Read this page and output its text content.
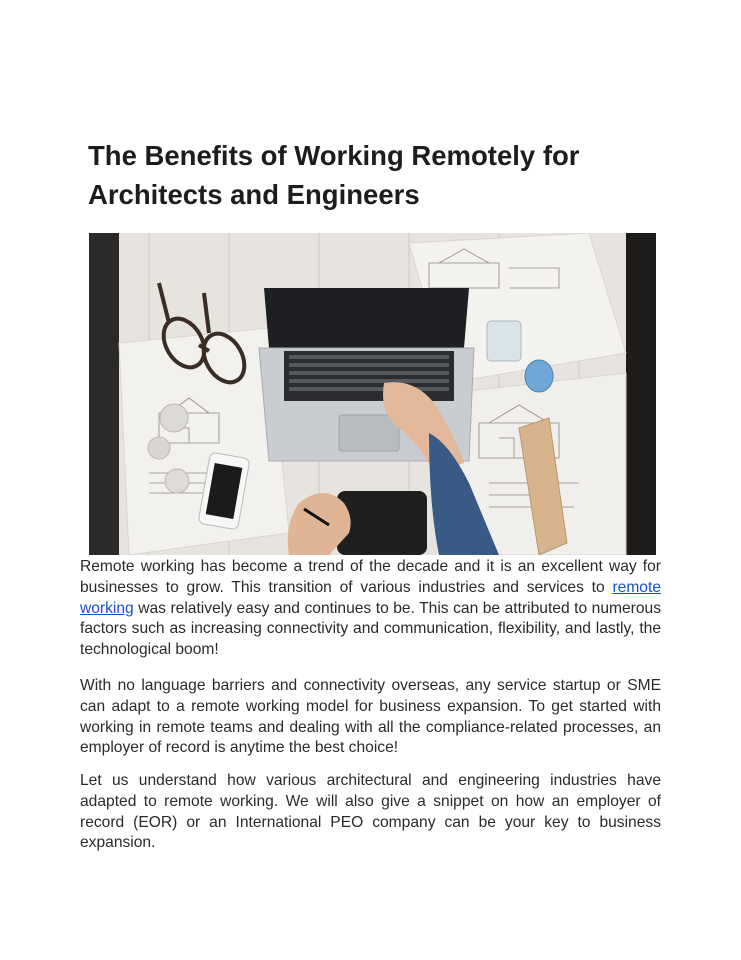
The Benefits of Working Remotely for Architects and Engineers

Remote working has become a trend of the decade and it is an excellent way for businesses to grow. This transition of various industries and services to remote working was relatively easy and continues to be. This can be attributed to numerous factors such as increasing connectivity and communication, flexibility, and lastly, the technological boom!

With no language barriers and connectivity overseas, any service startup or SME can adapt to a remote working model for business expansion. To get started with working in remote teams and dealing with all the compliance-related processes, an employer of record is anytime the best choice!

Let us understand how various architectural and engineering industries have adapted to remote working. We will also give a snippet on how an employer of record (EOR) or an International PEO company can be your key to business expansion.
